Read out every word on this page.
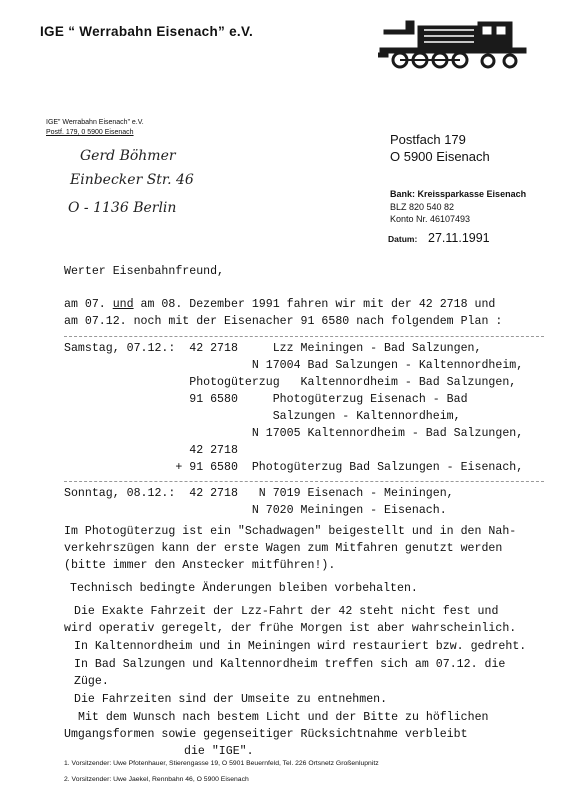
IGE “ Werrabahn Eisenach” e.V.
IGE” Werrabahn Eisenach” e.V.
Postf. 179, 0 5900 Eisenach
Gerd Böhmer
Einbecker Str. 46
O - 1136 Berlin
Postfach 179
O 5900 Eisenach
Bank: Kreissparkasse Eisenach
BLZ 820 540 82
Konto Nr. 46107493
Datum: 27.11.1991
Werter Eisenbahnfreund,
am 07. und am 08. Dezember 1991 fahren wir mit der 42 2718 und
am 07.12. noch mit der Eisenacher 91 6580 nach folgendem Plan :
Samstag, 07.12.:  42 2718     Lzz Meiningen - Bad Salzungen,
N 17004 Bad Salzungen - Kaltennordheim,
Photogüterzug   Kaltennordheim - Bad Salzungen,
91 6580     Photogüterzug Eisenach - Bad
Salzungen - Kaltennordheim,
N 17005 Kaltennordheim - Bad Salzungen,
42 2718
+ 91 6580  Photogüterzug Bad Salzungen - Eisenach,
Sonntag, 08.12.:  42 2718   N 7019 Eisenach - Meiningen,
N 7020 Meiningen - Eisenach.
Im Photogüterzug ist ein "Schadwagen" beigestellt und in den Nah-
verkehrszügen kann der erste Wagen zum Mitfahren genutzt werden
(bitte immer den Anstecker mitführen!).
Technisch bedingte Änderungen bleiben vorbehalten.
Die Exakte Fahrzeit der Lzz-Fahrt der 42 steht nicht fest und
wird operativ geregelt, der frühe Morgen ist aber wahrscheinlich.
In Kaltennordheim und in Meiningen wird restauriert bzw. gedreht.
In Bad Salzungen und Kaltennordheim treffen sich am 07.12. die
Züge.
Die Fahrzeiten sind der Umseite zu entnehmen.
Mit dem Wunsch nach bestem Licht und der Bitte zu höflichen
Umgangsformen sowie gegenseitiger Rücksichtnahme verbleibt
die "IGE".
1. Vorsitzender: Uwe Pfotenhauer, Stierengasse 19, O 5901 Beuernfeld, Tel. 226 Ortsnetz Großenlupnitz
2. Vorsitzender: Uwe Jaekel, Rennbahn 46, O 5900 Eisenach
